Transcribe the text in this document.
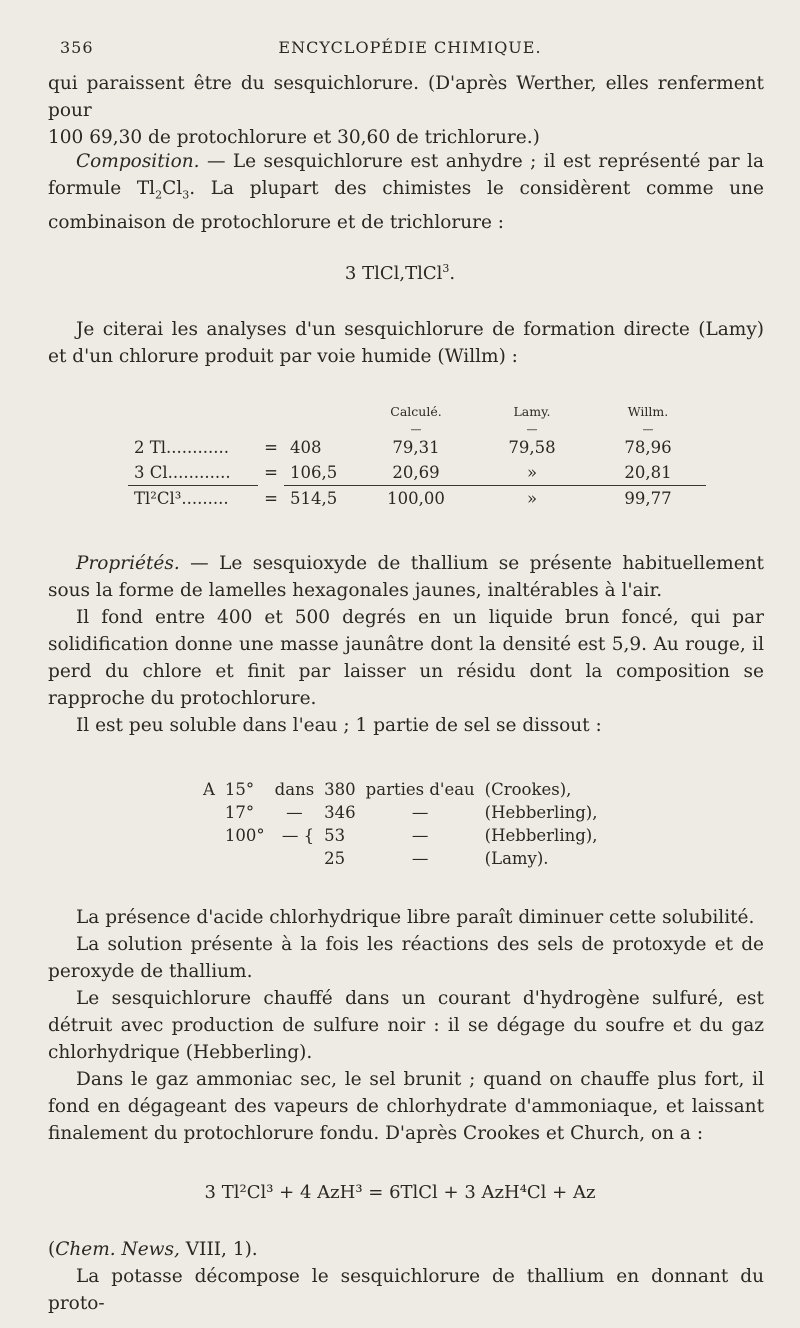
356	ENCYCLOPÉDIE CHIMIQUE.

qui paraissent être du sesquichlorure. (D'après Werther, elles renferment pour
100 69,30 de protochlorure et 30,60 de trichlorure.)

Composition. — Le sesquichlorure est anhydre ; il est représenté par la formule $Tl_2Cl_3$. La plupart des chimistes le considèrent comme une combinaison de protochlorure et de trichlorure :

3 TlCl,TlCl$^3$.

Je citerai les analyses d'un sesquichlorure de formation directe (Lamy) et d'un chlorure produit par voie humide (Willm) :

			Calculé.	Lamy.	Willm.
			—	—	—
2 Tl............	=	408	79,31	79,58	78,96
3 Cl............	=	106,5	20,69	»	20,81
Tl²Cl³.........	=	514,5	100,00	»	99,77

Propriétés. — Le sesquioxyde de thallium se présente habituellement sous la forme de lamelles hexagonales jaunes, inaltérables à l'air.

Il fond entre 400 et 500 degrés en un liquide brun foncé, qui par solidification donne une masse jaunâtre dont la densité est 5,9. Au rouge, il perd du chlore et finit par laisser un résidu dont la composition se rapproche du protochlorure.

Il est peu soluble dans l'eau ; 1 partie de sel se dissout :

A	15°	dans	380	parties d'eau	(Crookes),
	17°	—	346	—	(Hebberling),
	100°	— {	53	—	(Hebberling),
			25	—	(Lamy).

La présence d'acide chlorhydrique libre paraît diminuer cette solubilité.

La solution présente à la fois les réactions des sels de protoxyde et de peroxyde de thallium.

Le sesquichlorure chauffé dans un courant d'hydrogène sulfuré, est détruit avec production de sulfure noir : il se dégage du soufre et du gaz chlorhydrique (Hebberling).

Dans le gaz ammoniac sec, le sel brunit ; quand on chauffe plus fort, il fond en dégageant des vapeurs de chlorhydrate d'ammoniaque, et laissant finalement du protochlorure fondu. D'après Crookes et Church, on a :

3 Tl²Cl³ + 4 AzH³ = 6TlCl + 3 AzH⁴Cl + Az

(Chem. News, VIII, 1).

La potasse décompose le sesquichlorure de thallium en donnant du proto-
